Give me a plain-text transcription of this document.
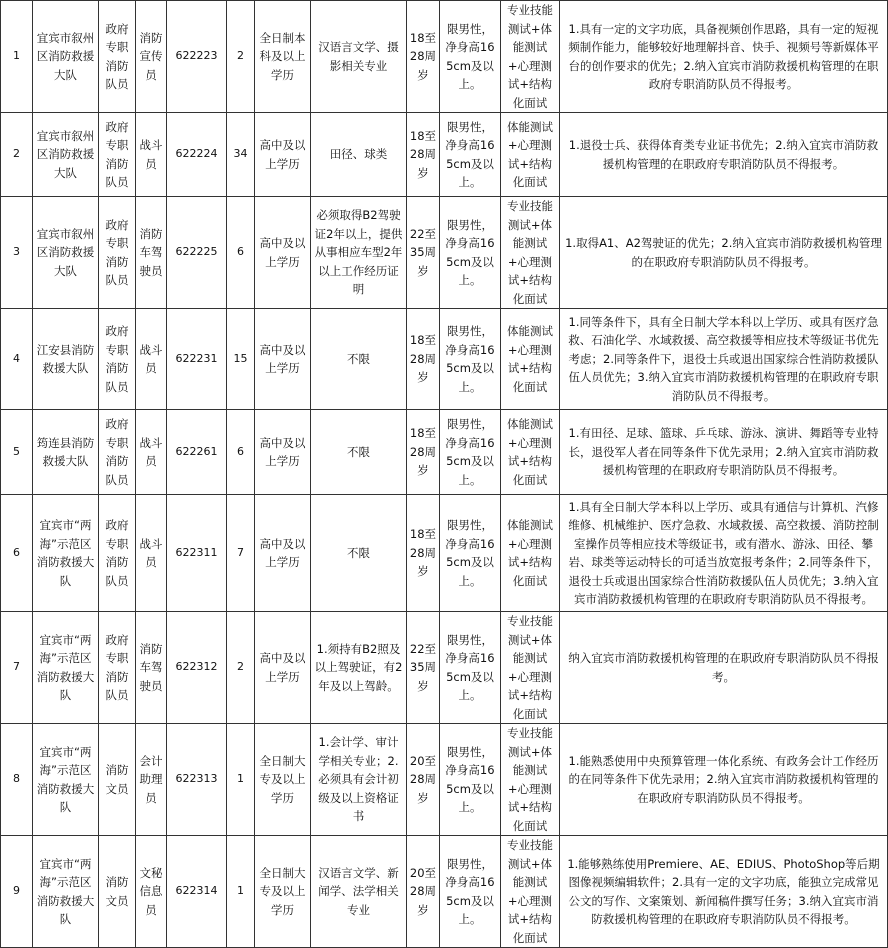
1	宜宾市叙州区消防救援大队	政府专职消防队员	消防宣传员	622223	2	全日制本科及以上学历	汉语言文学、摄影相关专业	18至28周岁	限男性，净身高165cm及以上。	专业技能测试+体能测试+心理测试+结构化面试	1.具有一定的文字功底，具备视频创作思路，具有一定的短视频制作能力，能够较好地理解抖音、快手、视频号等新媒体平台的创作要求的优先；2.纳入宜宾市消防救援机构管理的在职政府专职消防队员不得报考。
2	宜宾市叙州区消防救援大队	政府专职消防队员	战斗员	622224	34	高中及以上学历	田径、球类	18至28周岁	限男性，净身高165cm及以上。	体能测试+心理测试+结构化面试	1.退役士兵、获得体育类专业证书优先；2.纳入宜宾市消防救援机构管理的在职政府专职消防队员不得报考。
3	宜宾市叙州区消防救援大队	政府专职消防队员	消防车驾驶员	622225	6	高中及以上学历	必须取得B2驾驶证2年以上，提供从事相应车型2年以上工作经历证明	22至35周岁	限男性，净身高165cm及以上。	专业技能测试+体能测试+心理测试+结构化面试	1.取得A1、A2驾驶证的优先；2.纳入宜宾市消防救援机构管理的在职政府专职消防队员不得报考。
4	江安县消防救援大队	政府专职消防队员	战斗员	622231	15	高中及以上学历	不限	18至28周岁	限男性，净身高165cm及以上。	体能测试+心理测试+结构化面试	1.同等条件下，具有全日制大学本科以上学历、或具有医疗急救、石油化学、水域救援、高空救援等相应技术等级证书优先考虑；2.同等条件下，退役士兵或退出国家综合性消防救援队伍人员优先；3.纳入宜宾市消防救援机构管理的在职政府专职消防队员不得报考。
5	筠连县消防救援大队	政府专职消防队员	战斗员	622261	6	高中及以上学历	不限	18至28周岁	限男性，净身高165cm及以上。	体能测试+心理测试+结构化面试	1.有田径、足球、篮球、乒乓球、游泳、演讲、舞蹈等专业特长，退役军人者在同等条件下优先录用；2.纳入宜宾市消防救援机构管理的在职政府专职消防队员不得报考。
6	宜宾市“两海”示范区消防救援大队	政府专职消防队员	战斗员	622311	7	高中及以上学历	不限	18至28周岁	限男性，净身高165cm及以上。	体能测试+心理测试+结构化面试	1.具有全日制大学本科以上学历、或具有通信与计算机、汽修维修、机械维护、医疗急救、水域救援、高空救援、消防控制室操作员等相应技术等级证书，或有潜水、游泳、田径、攀岩、球类等运动特长的可适当放宽报考条件；2.同等条件下，退役士兵或退出国家综合性消防救援队伍人员优先；3.纳入宜宾市消防救援机构管理的在职政府专职消防队员不得报考。
7	宜宾市“两海”示范区消防救援大队	政府专职消防队员	消防车驾驶员	622312	2	高中及以上学历	1.须持有B2照及以上驾驶证，有2年及以上驾龄。	22至35周岁	限男性，净身高165cm及以上。	专业技能测试+体能测试+心理测试+结构化面试	纳入宜宾市消防救援机构管理的在职政府专职消防队员不得报考。
8	宜宾市“两海”示范区消防救援大队	消防文员	会计助理员	622313	1	全日制大专及以上学历	1.会计学、审计学相关专业；2.必须具有会计初级及以上资格证书	20至28周岁	限男性，净身高165cm及以上。	专业技能测试+体能测试+心理测试+结构化面试	1.能熟悉使用中央预算管理一体化系统、有政务会计工作经历的在同等条件下优先录用；2.纳入宜宾市消防救援机构管理的在职政府专职消防队员不得报考。
9	宜宾市“两海”示范区消防救援大队	消防文员	文秘信息员	622314	1	全日制大专及以上学历	汉语言文学、新闻学、法学相关专业	20至28周岁	限男性，净身高165cm及以上。	专业技能测试+体能测试+心理测试+结构化面试	1.能够熟练使用Premiere、AE、EDIUS、PhotoShop等后期图像视频编辑软件；2.具有一定的文字功底，能独立完成常见公文的写作、文案策划、新闻稿件撰写任务；3.纳入宜宾市消防救援机构管理的在职政府专职消防队员不得报考。
